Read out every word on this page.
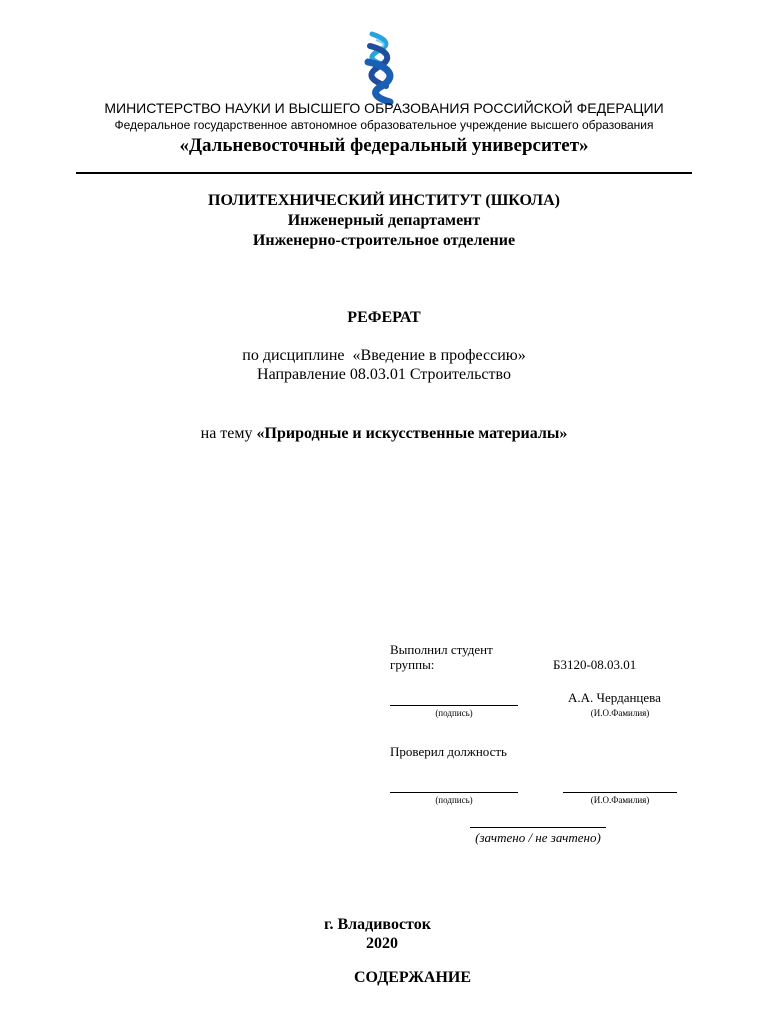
МИНИСТЕРСТВО НАУКИ И ВЫСШЕГО ОБРАЗОВАНИЯ РОССИЙСКОЙ ФЕДЕРАЦИИ
Федеральное государственное автономное образовательное учреждение высшего образования
«Дальневосточный федеральный университет»
ПОЛИТЕХНИЧЕСКИЙ ИНСТИТУТ (ШКОЛА)
Инженерный департамент
Инженерно-строительное отделение
РЕФЕРАТ
по дисциплине «Введение в профессию»
Направление 08.03.01 Строительство
на тему «Природные и искусственные материалы»
Выполнил студент
группы:	Б3120-08.03.01
А.А. Черданцева
(подпись)	(И.О.Фамилия)
Проверил должность
(подпись)	(И.О.Фамилия)
(зачтено / не зачтено)
г. Владивосток
2020
СОДЕРЖАНИЕ
